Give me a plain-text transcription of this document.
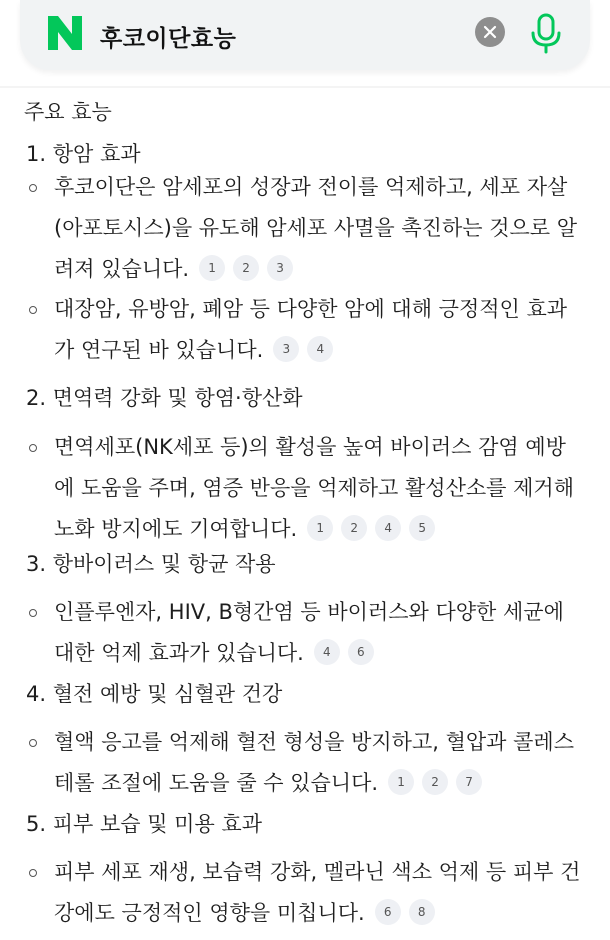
후코이단효능
주요 효능
1. 항암 효과
후코이단은 암세포의 성장과 전이를 억제하고, 세포 자살
(아포토시스)을 유도해 암세포 사멸을 촉진하는 것으로 알
려져 있습니다. 1 2 3
대장암, 유방암, 폐암 등 다양한 암에 대해 긍정적인 효과
가 연구된 바 있습니다. 3 4
2. 면역력 강화 및 항염·항산화
면역세포(NK세포 등)의 활성을 높여 바이러스 감염 예방
에 도움을 주며, 염증 반응을 억제하고 활성산소를 제거해
노화 방지에도 기여합니다. 1 2 4 5
3. 항바이러스 및 항균 작용
인플루엔자, HIV, B형간염 등 바이러스와 다양한 세균에
대한 억제 효과가 있습니다. 4 6
4. 혈전 예방 및 심혈관 건강
혈액 응고를 억제해 혈전 형성을 방지하고, 혈압과 콜레스
테롤 조절에 도움을 줄 수 있습니다. 1 2 7
5. 피부 보습 및 미용 효과
피부 세포 재생, 보습력 강화, 멜라닌 색소 억제 등 피부 건
강에도 긍정적인 영향을 미칩니다. 6 8
